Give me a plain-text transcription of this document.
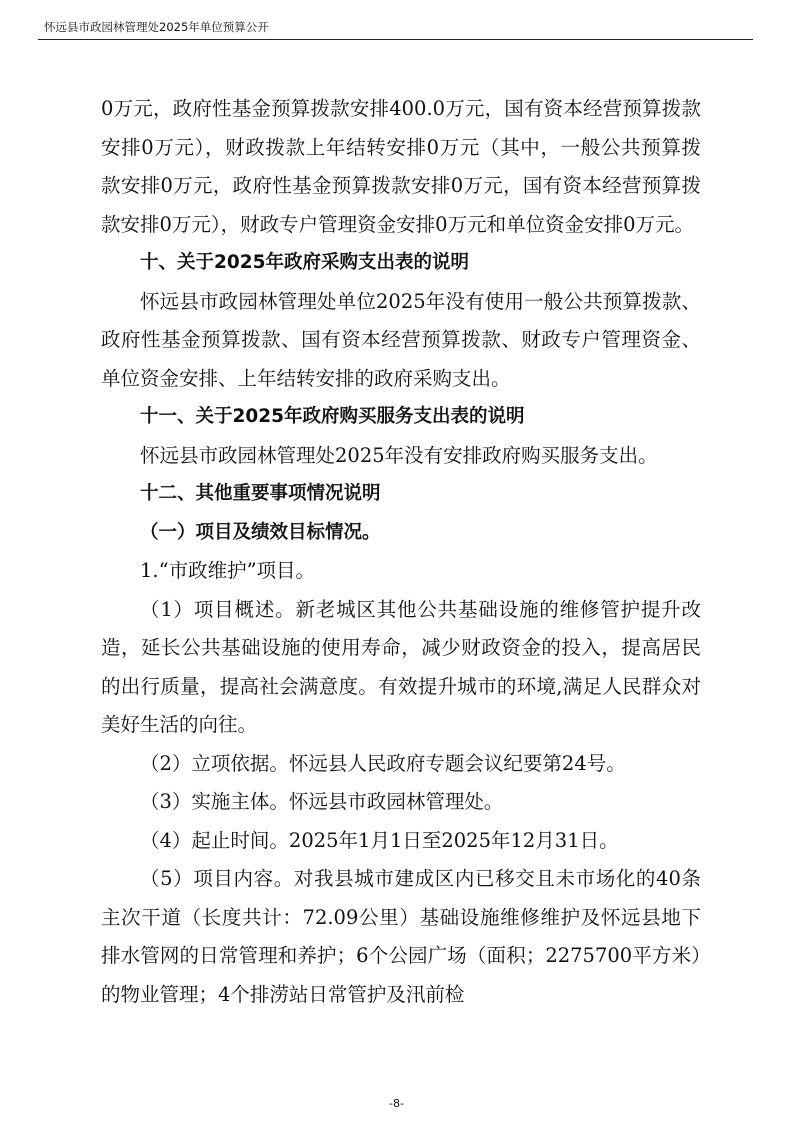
怀远县市政园林管理处2025年单位预算公开

0万元，政府性基金预算拨款安排400.0万元，国有资本经营预算拨款安排0万元），财政拨款上年结转安排0万元（其中，一般公共预算拨款安排0万元，政府性基金预算拨款安排0万元，国有资本经营预算拨款安排0万元），财政专户管理资金安排0万元和单位资金安排0万元。

十、关于2025年政府采购支出表的说明

怀远县市政园林管理处单位2025年没有使用一般公共预算拨款、政府性基金预算拨款、国有资本经营预算拨款、财政专户管理资金、单位资金安排、上年结转安排的政府采购支出。

十一、关于2025年政府购买服务支出表的说明

怀远县市政园林管理处2025年没有安排政府购买服务支出。

十二、其他重要事项情况说明

（一）项目及绩效目标情况。

1.“市政维护”项目。

（1）项目概述。新老城区其他公共基础设施的维修管护提升改造，延长公共基础设施的使用寿命，减少财政资金的投入，提高居民的出行质量，提高社会满意度。有效提升城市的环境,满足人民群众对美好生活的向往。

（2）立项依据。怀远县人民政府专题会议纪要第24号。

（3）实施主体。怀远县市政园林管理处。

（4）起止时间。2025年1月1日至2025年12月31日。

（5）项目内容。对我县城市建成区内已移交且未市场化的40条主次干道（长度共计：72.09公里）基础设施维修维护及怀远县地下排水管网的日常管理和养护；6个公园广场（面积；2275700平方米）的物业管理；4个排涝站日常管护及汛前检

-8-
